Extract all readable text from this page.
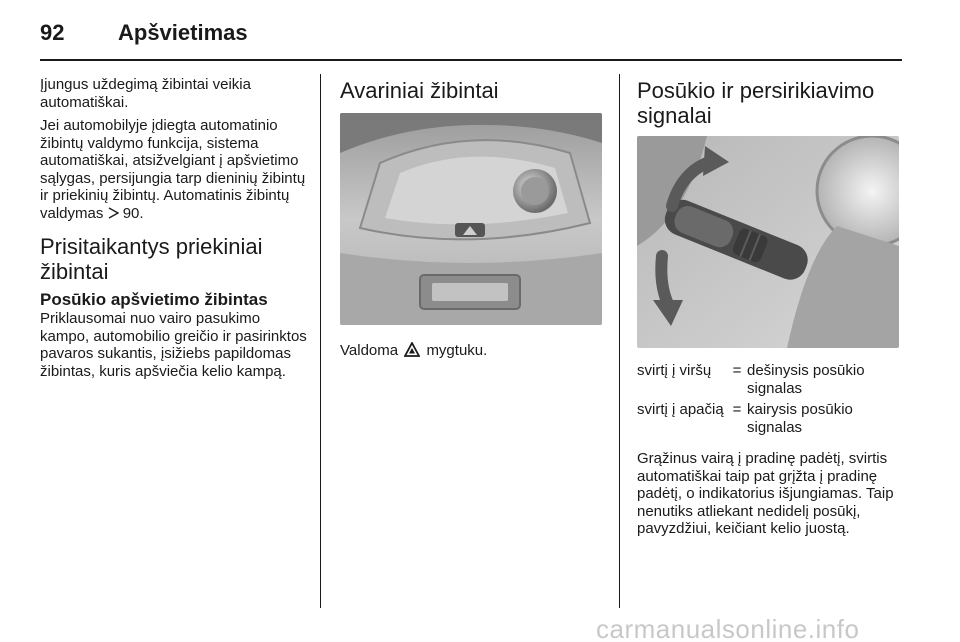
92 Apšvietimas

Įjungus uždegimą žibintai veikia automatiškai.

Jei automobilyje įdiegta automatinio žibintų valdymo funkcija, sistema automatiškai, atsižvelgiant į apšvietimo sąlygas, persijungia tarp dieninių žibintų ir priekinių žibintų. Automatinis žibintų valdymas 90.

Prisitaikantys priekiniai žibintai
Posūkio apšvietimo žibintas

Priklausomai nuo vairo pasukimo kampo, automobilio greičio ir pasirinktos pavaros sukantis, įsižiebs papildomas žibintas, kuris apšviečia kelio kampą.

Avariniai žibintai

Valdoma mygtuku.

Posūkio ir persirikiavimo signalai
svirtį į viršų	= dešinysis posūkio signalas
svirtį į apačią = kairysis posūkio signalas

Grąžinus vairą į pradinę padėtį, svirtis automatiškai taip pat grįžta į pradinę padėtį, o indikatorius išjungiamas. Taip nenutiks atliekant nedidelį posūkį, pavyzdžiui, keičiant kelio juostą.

carmanualsonline.info
